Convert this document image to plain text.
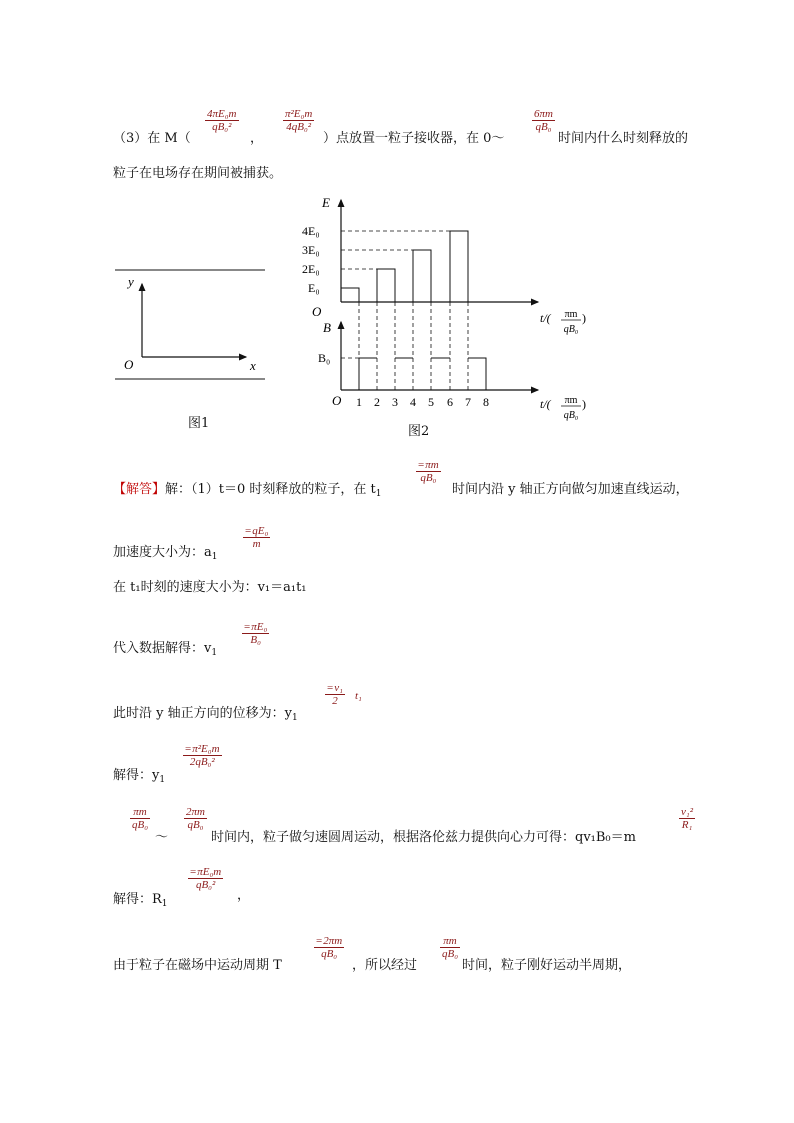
（3）在 M（
$\frac{\text{4πE₀m}}{\text{qB₀²}}$
，
$\frac{\text{π²E₀m}}{\text{4qB₀²}}$
）点放置一粒子接收器，在 0～
$\frac{6\pi m}{\text{qB₀}}$
时间内什么时刻释放的
粒子在电场存在期间被捕获。
y
x
O
图1
E
O
4E₀
3E₀
2E₀
E₀
t/( πm
qB₀
)
B
B₀
O 1 2 3 4 5 6 7 8	t/( πm
qB₀
)
图2
【解答】解：（1）t＝0 时刻释放的粒子，在 $t_1$
$\frac{=\pi m}{\text{qB₀}}$
时间内沿 y 轴正方向做匀加速直线运动，
加速度大小为：$a_1$
$\frac{\text{=qE₀}}{m}$
在 t₁时刻的速度大小为：v₁＝a₁t₁
代入数据解得：$v_1$
$\frac{\text{=πE₀}}{\text{B₀}}$
此时沿 y 轴正方向的位移为：$y_1$
$\frac{\text{=v₁}}{2} t_1$
解得：$y_1$
$\frac{\text{=π²E₀m}}{\text{2qB₀²}}$
$\frac{\pi m}{\text{qB₀}}$
～
$\frac{2\pi m}{\text{qB₀}}$
时间内，粒子做匀速圆周运动，根据洛伦兹力提供向心力可得：qv₁B₀＝m
$\frac{\text{v₁²}}{\text{R₁}}$
解得：$R_1$
$\frac{\text{=πE₀m}}{\text{qB₀²}}$
，
由于粒子在磁场中运动周期 T
$\frac{=2\pi m}{\text{qB₀}}$
，所以经过
$\frac{\pi m}{\text{qB₀}}$
时间，粒子刚好运动半周期，
